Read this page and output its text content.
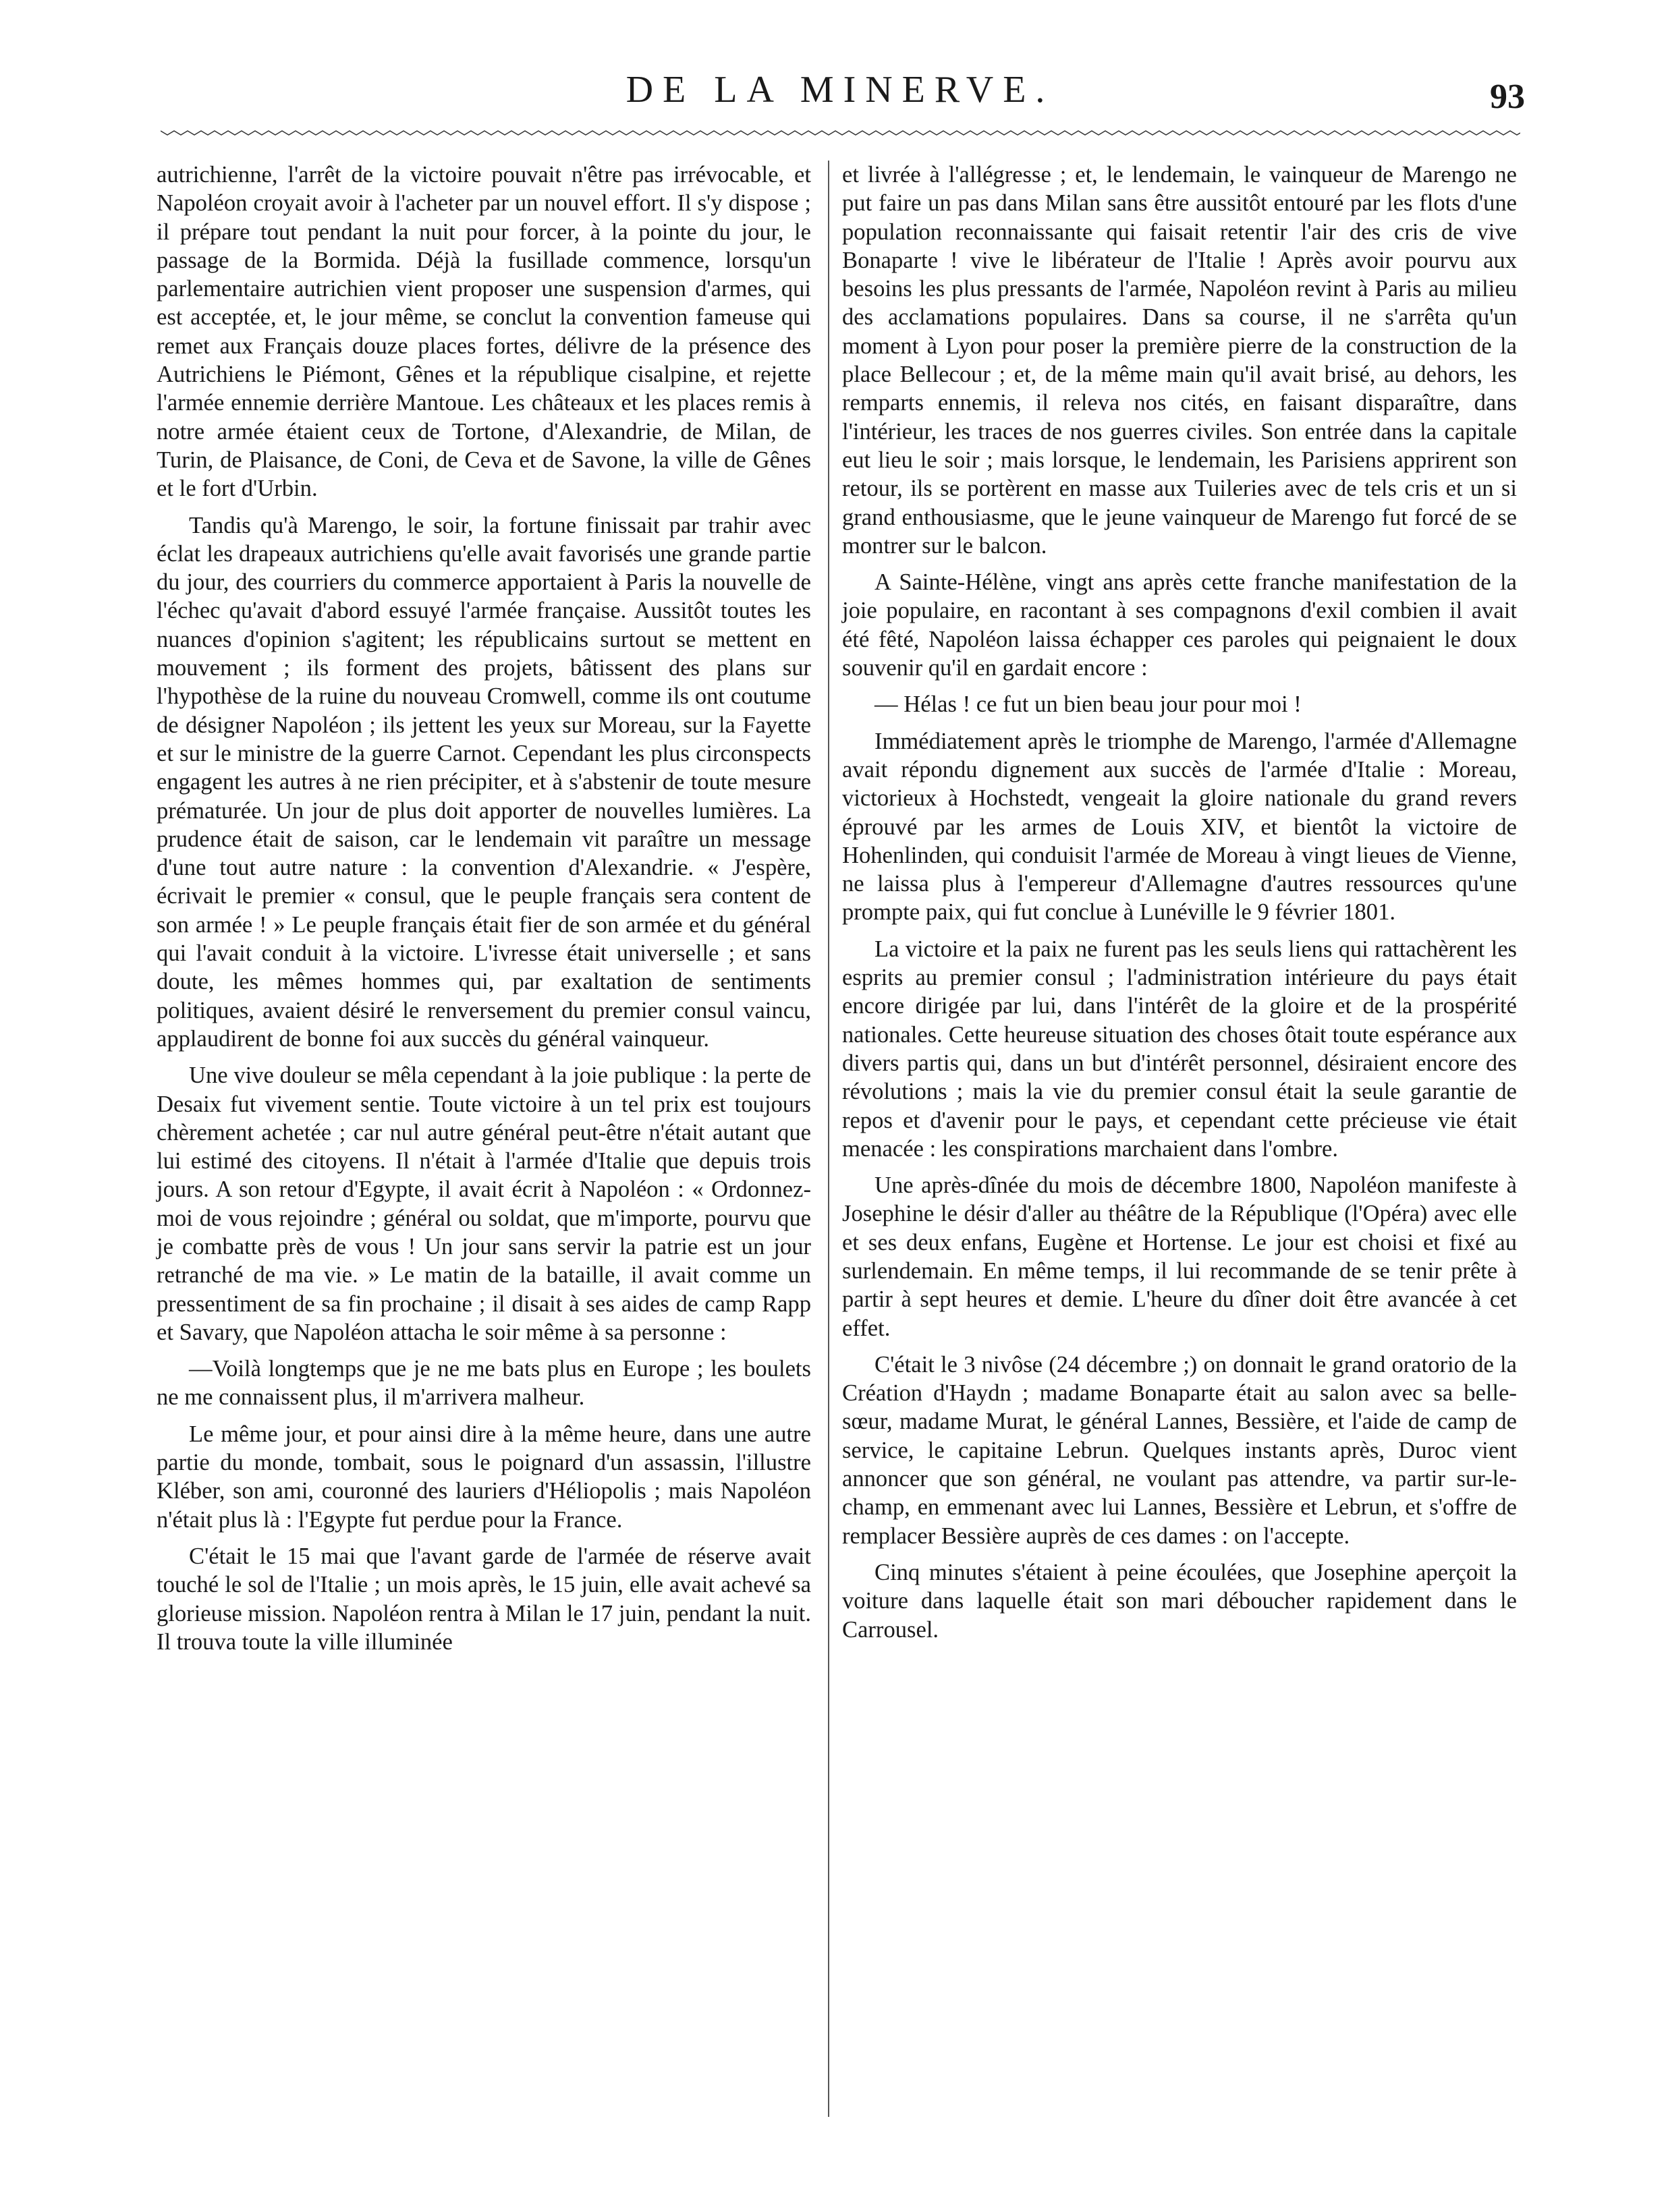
DE LA MINERVE.	93

autrichienne, l'arrêt de la victoire pouvait n'être pas irrévocable, et Napoléon croyait avoir à l'acheter par un nouvel effort. Il s'y dispose ; il prépare tout pendant la nuit pour forcer, à la pointe du jour, le passage de la Bormida. Déjà la fusillade commence, lorsqu'un parlementaire autrichien vient proposer une suspension d'armes, qui est acceptée, et, le jour même, se conclut la convention fameuse qui remet aux Français douze places fortes, délivre de la présence des Autrichiens le Piémont, Gênes et la république cisalpine, et rejette l'armée ennemie derrière Mantoue. Les châteaux et les places remis à notre armée étaient ceux de Tortone, d'Alexandrie, de Milan, de Turin, de Plaisance, de Coni, de Ceva et de Savone, la ville de Gênes et le fort d'Urbin.

Tandis qu'à Marengo, le soir, la fortune finissait par trahir avec éclat les drapeaux autrichiens qu'elle avait favorisés une grande partie du jour, des courriers du commerce apportaient à Paris la nouvelle de l'échec qu'avait d'abord essuyé l'armée française. Aussitôt toutes les nuances d'opinion s'agitent; les républicains surtout se mettent en mouvement ; ils forment des projets, bâtissent des plans sur l'hypothèse de la ruine du nouveau Cromwell, comme ils ont coutume de désigner Napoléon ; ils jettent les yeux sur Moreau, sur la Fayette et sur le ministre de la guerre Carnot. Cependant les plus circonspects engagent les autres à ne rien précipiter, et à s'abstenir de toute mesure prématurée. Un jour de plus doit apporter de nouvelles lumières. La prudence était de saison, car le lendemain vit paraître un message d'une tout autre nature : la convention d'Alexandrie. « J'espère, écrivait le premier « consul, que le peuple français sera content de son armée ! » Le peuple français était fier de son armée et du général qui l'avait conduit à la victoire. L'ivresse était universelle ; et sans doute, les mêmes hommes qui, par exaltation de sentiments politiques, avaient désiré le renversement du premier consul vaincu, applaudirent de bonne foi aux succès du général vainqueur.

Une vive douleur se mêla cependant à la joie publique : la perte de Desaix fut vivement sentie. Toute victoire à un tel prix est toujours chèrement achetée ; car nul autre général peut-être n'était autant que lui estimé des citoyens. Il n'était à l'armée d'Italie que depuis trois jours. A son retour d'Egypte, il avait écrit à Napoléon : « Ordonnez-moi de vous rejoindre ; général ou soldat, que m'importe, pourvu que je combatte près de vous ! Un jour sans servir la patrie est un jour retranché de ma vie. » Le matin de la bataille, il avait comme un pressentiment de sa fin prochaine ; il disait à ses aides de camp Rapp et Savary, que Napoléon attacha le soir même à sa personne :

—Voilà longtemps que je ne me bats plus en Europe ; les boulets ne me connaissent plus, il m'arrivera malheur.

Le même jour, et pour ainsi dire à la même heure, dans une autre partie du monde, tombait, sous le poignard d'un assassin, l'illustre Kléber, son ami, couronné des lauriers d'Héliopolis ; mais Napoléon n'était plus là : l'Egypte fut perdue pour la France.

C'était le 15 mai que l'avant garde de l'armée de réserve avait touché le sol de l'Italie ; un mois après, le 15 juin, elle avait achevé sa glorieuse mission. Napoléon rentra à Milan le 17 juin, pendant la nuit. Il trouva toute la ville illuminée

et livrée à l'allégresse ; et, le lendemain, le vainqueur de Marengo ne put faire un pas dans Milan sans être aussitôt entouré par les flots d'une population reconnaissante qui faisait retentir l'air des cris de vive Bonaparte ! vive le libérateur de l'Italie ! Après avoir pourvu aux besoins les plus pressants de l'armée, Napoléon revint à Paris au milieu des acclamations populaires. Dans sa course, il ne s'arrêta qu'un moment à Lyon pour poser la première pierre de la construction de la place Bellecour ; et, de la même main qu'il avait brisé, au dehors, les remparts ennemis, il releva nos cités, en faisant disparaître, dans l'intérieur, les traces de nos guerres civiles. Son entrée dans la capitale eut lieu le soir ; mais lorsque, le lendemain, les Parisiens apprirent son retour, ils se portèrent en masse aux Tuileries avec de tels cris et un si grand enthousiasme, que le jeune vainqueur de Marengo fut forcé de se montrer sur le balcon.

A Sainte-Hélène, vingt ans après cette franche manifestation de la joie populaire, en racontant à ses compagnons d'exil combien il avait été fêté, Napoléon laissa échapper ces paroles qui peignaient le doux souvenir qu'il en gardait encore :

— Hélas ! ce fut un bien beau jour pour moi !

Immédiatement après le triomphe de Marengo, l'armée d'Allemagne avait répondu dignement aux succès de l'armée d'Italie : Moreau, victorieux à Hochstedt, vengeait la gloire nationale du grand revers éprouvé par les armes de Louis XIV, et bientôt la victoire de Hohenlinden, qui conduisit l'armée de Moreau à vingt lieues de Vienne, ne laissa plus à l'empereur d'Allemagne d'autres ressources qu'une prompte paix, qui fut conclue à Lunéville le 9 février 1801.

La victoire et la paix ne furent pas les seuls liens qui rattachèrent les esprits au premier consul ; l'administration intérieure du pays était encore dirigée par lui, dans l'intérêt de la gloire et de la prospérité nationales. Cette heureuse situation des choses ôtait toute espérance aux divers partis qui, dans un but d'intérêt personnel, désiraient encore des révolutions ; mais la vie du premier consul était la seule garantie de repos et d'avenir pour le pays, et cependant cette précieuse vie était menacée : les conspirations marchaient dans l'ombre.

Une après-dînée du mois de décembre 1800, Napoléon manifeste à Josephine le désir d'aller au théâtre de la République (l'Opéra) avec elle et ses deux enfans, Eugène et Hortense. Le jour est choisi et fixé au surlendemain. En même temps, il lui recommande de se tenir prête à partir à sept heures et demie. L'heure du dîner doit être avancée à cet effet.

C'était le 3 nivôse (24 décembre ;) on donnait le grand oratorio de la Création d'Haydn ; madame Bonaparte était au salon avec sa belle-sœur, madame Murat, le général Lannes, Bessière, et l'aide de camp de service, le capitaine Lebrun. Quelques instants après, Duroc vient annoncer que son général, ne voulant pas attendre, va partir sur-le-champ, en emmenant avec lui Lannes, Bessière et Lebrun, et s'offre de remplacer Bessière auprès de ces dames : on l'accepte.

Cinq minutes s'étaient à peine écoulées, que Josephine aperçoit la voiture dans laquelle était son mari déboucher rapidement dans le Carrousel.
